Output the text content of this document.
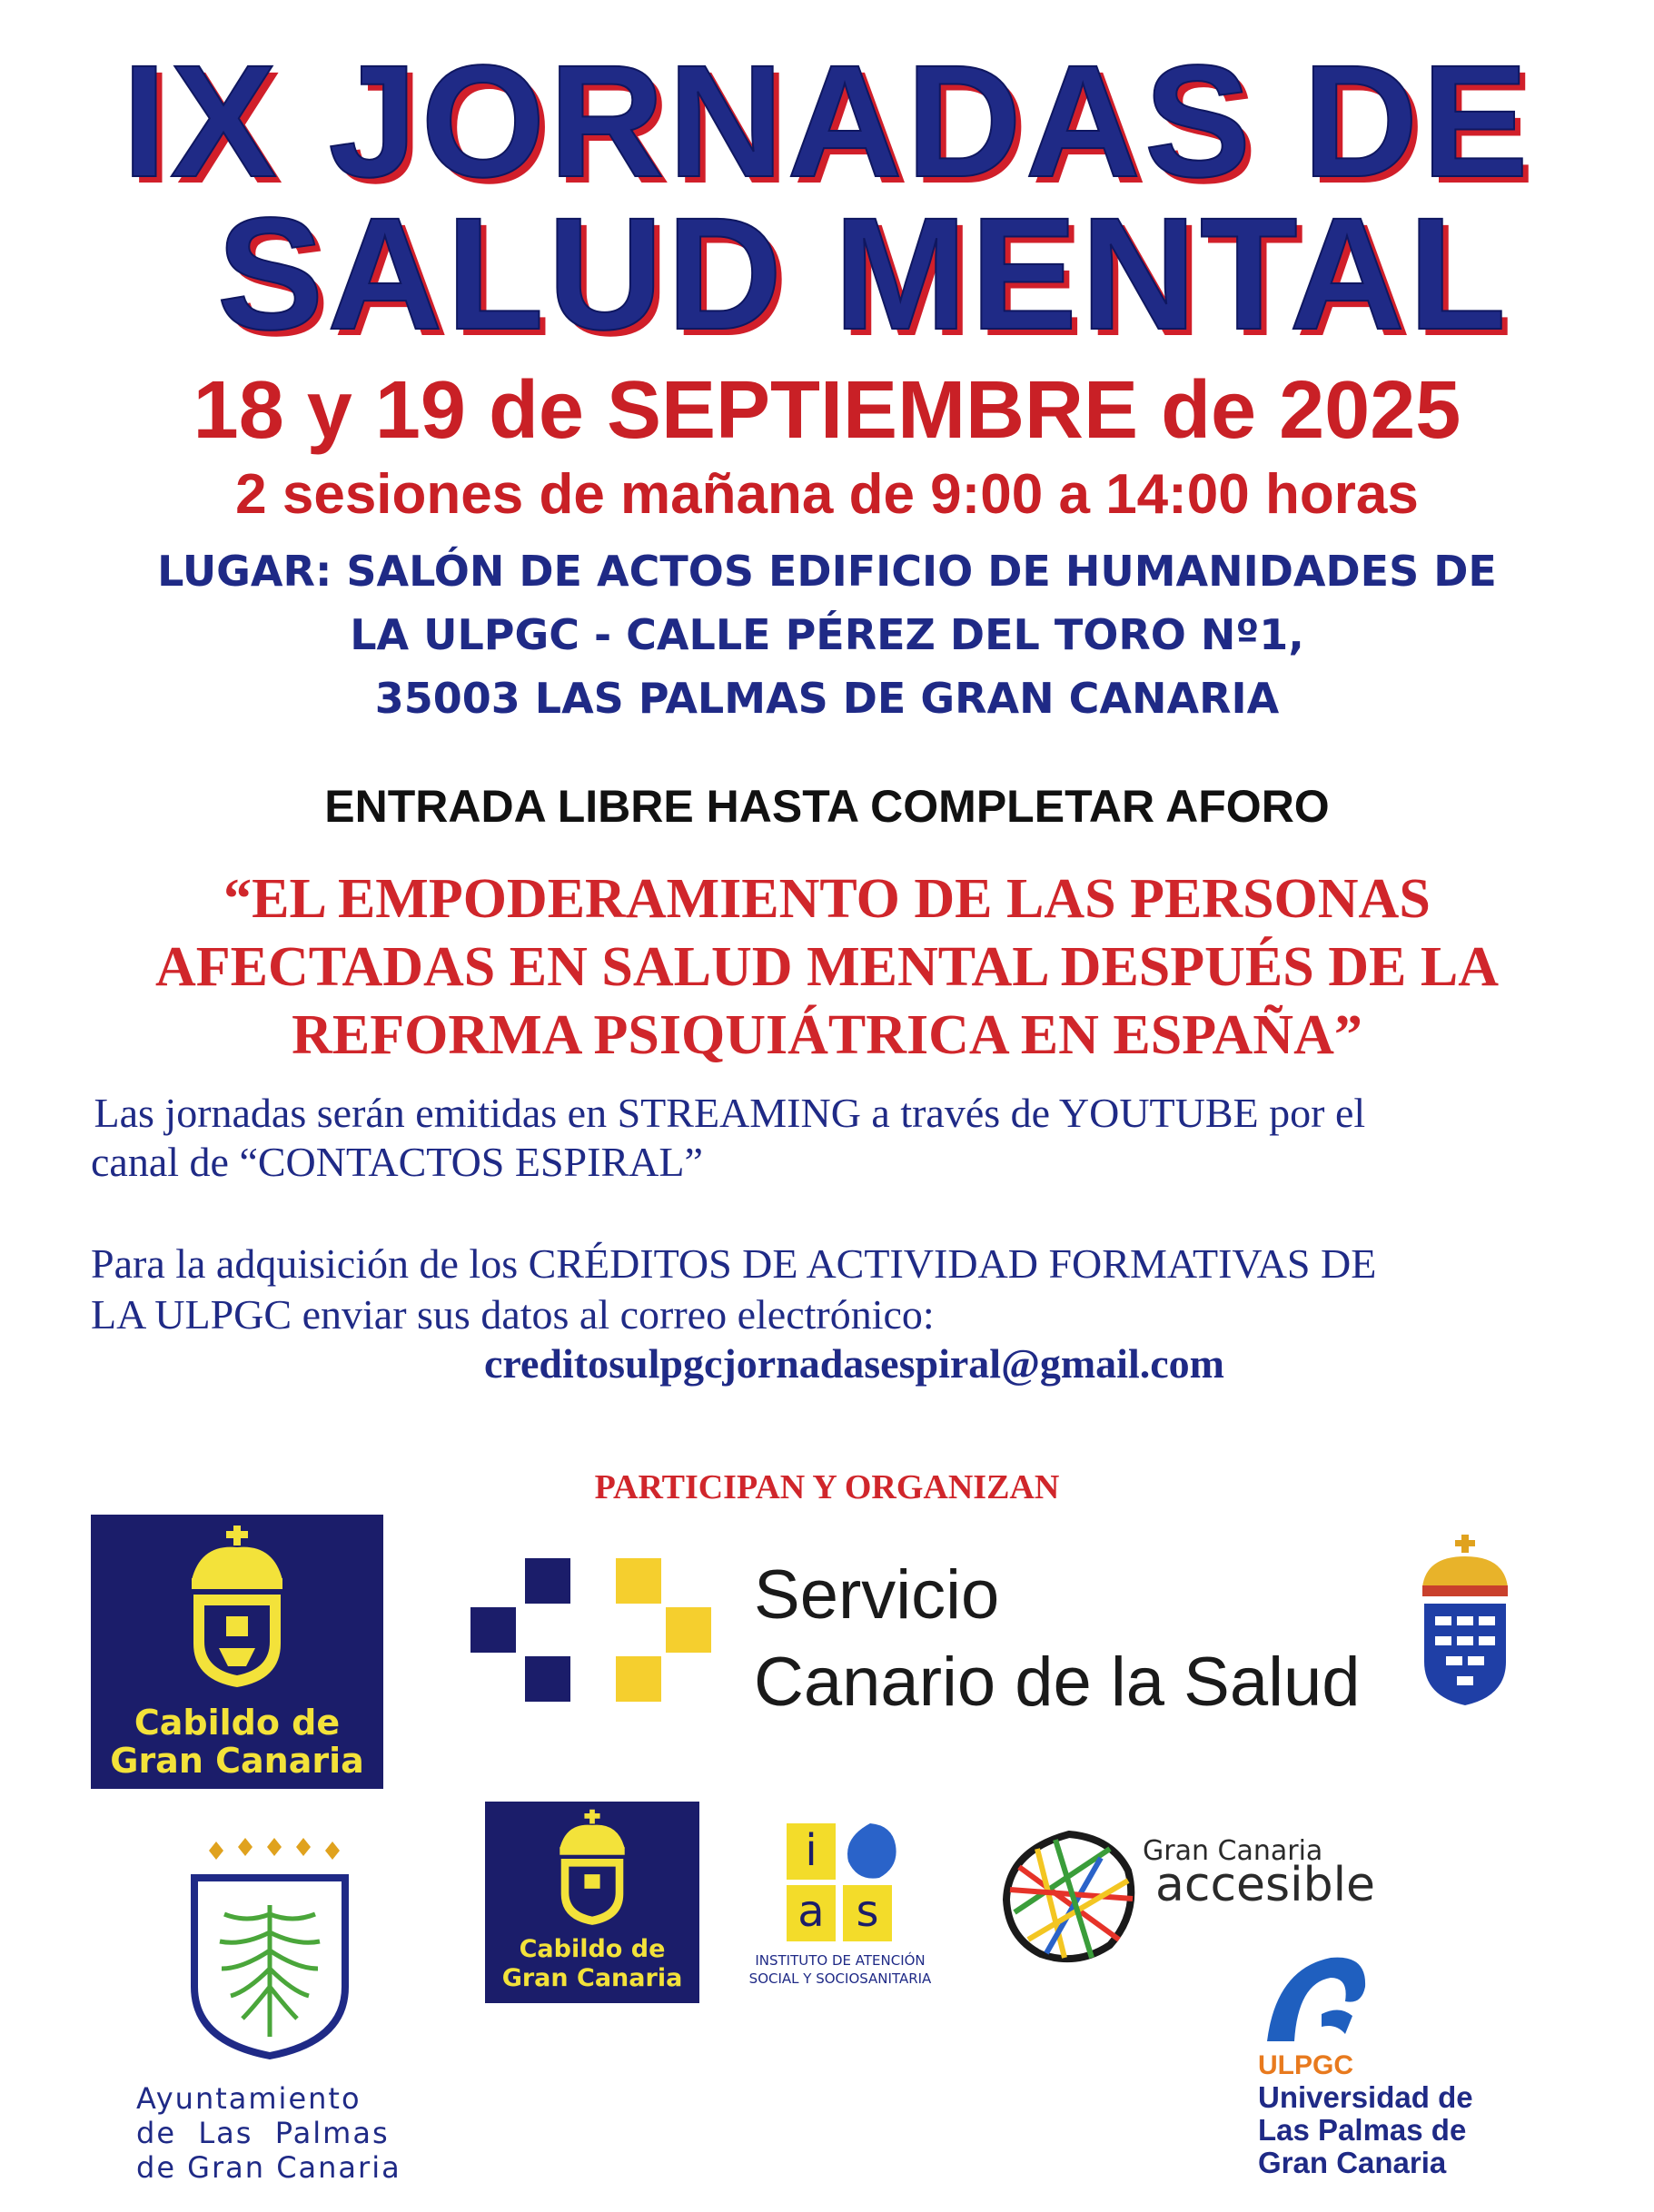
IX JORNADAS DE
SALUD MENTAL
18 y 19 de SEPTIEMBRE de 2025
2 sesiones de mañana de 9:00 a 14:00 horas
LUGAR: SALÓN DE ACTOS EDIFICIO DE HUMANIDADES DE
LA ULPGC - CALLE PÉREZ DEL TORO Nº1,
35003 LAS PALMAS DE GRAN CANARIA
ENTRADA LIBRE HASTA COMPLETAR AFORO
“EL EMPODERAMIENTO DE LAS PERSONAS
AFECTADAS EN SALUD MENTAL DESPUÉS DE LA
REFORMA PSIQUIÁTRICA EN ESPAÑA”
Las jornadas serán emitidas en STREAMING a través de YOUTUBE por el
canal de “CONTACTOS ESPIRAL”
Para la adquisición de los CRÉDITOS DE ACTIVIDAD FORMATIVAS DE
LA ULPGC enviar sus datos al correo electrónico:
creditosulpgcjornadasespiral@gmail.com
PARTICIPAN Y ORGANIZAN
Cabildo de
Gran Canaria
Servicio
Canario de la Salud
Ayuntamiento
de  Las  Palmas
de Gran Canaria
Cabildo de
Gran Canaria
i
a s
INSTITUTO DE ATENCIÓN
SOCIAL Y SOCIOSANITARIA
Gran Canaria
accesible
ULPGC
Universidad de
Las Palmas de
Gran Canaria
